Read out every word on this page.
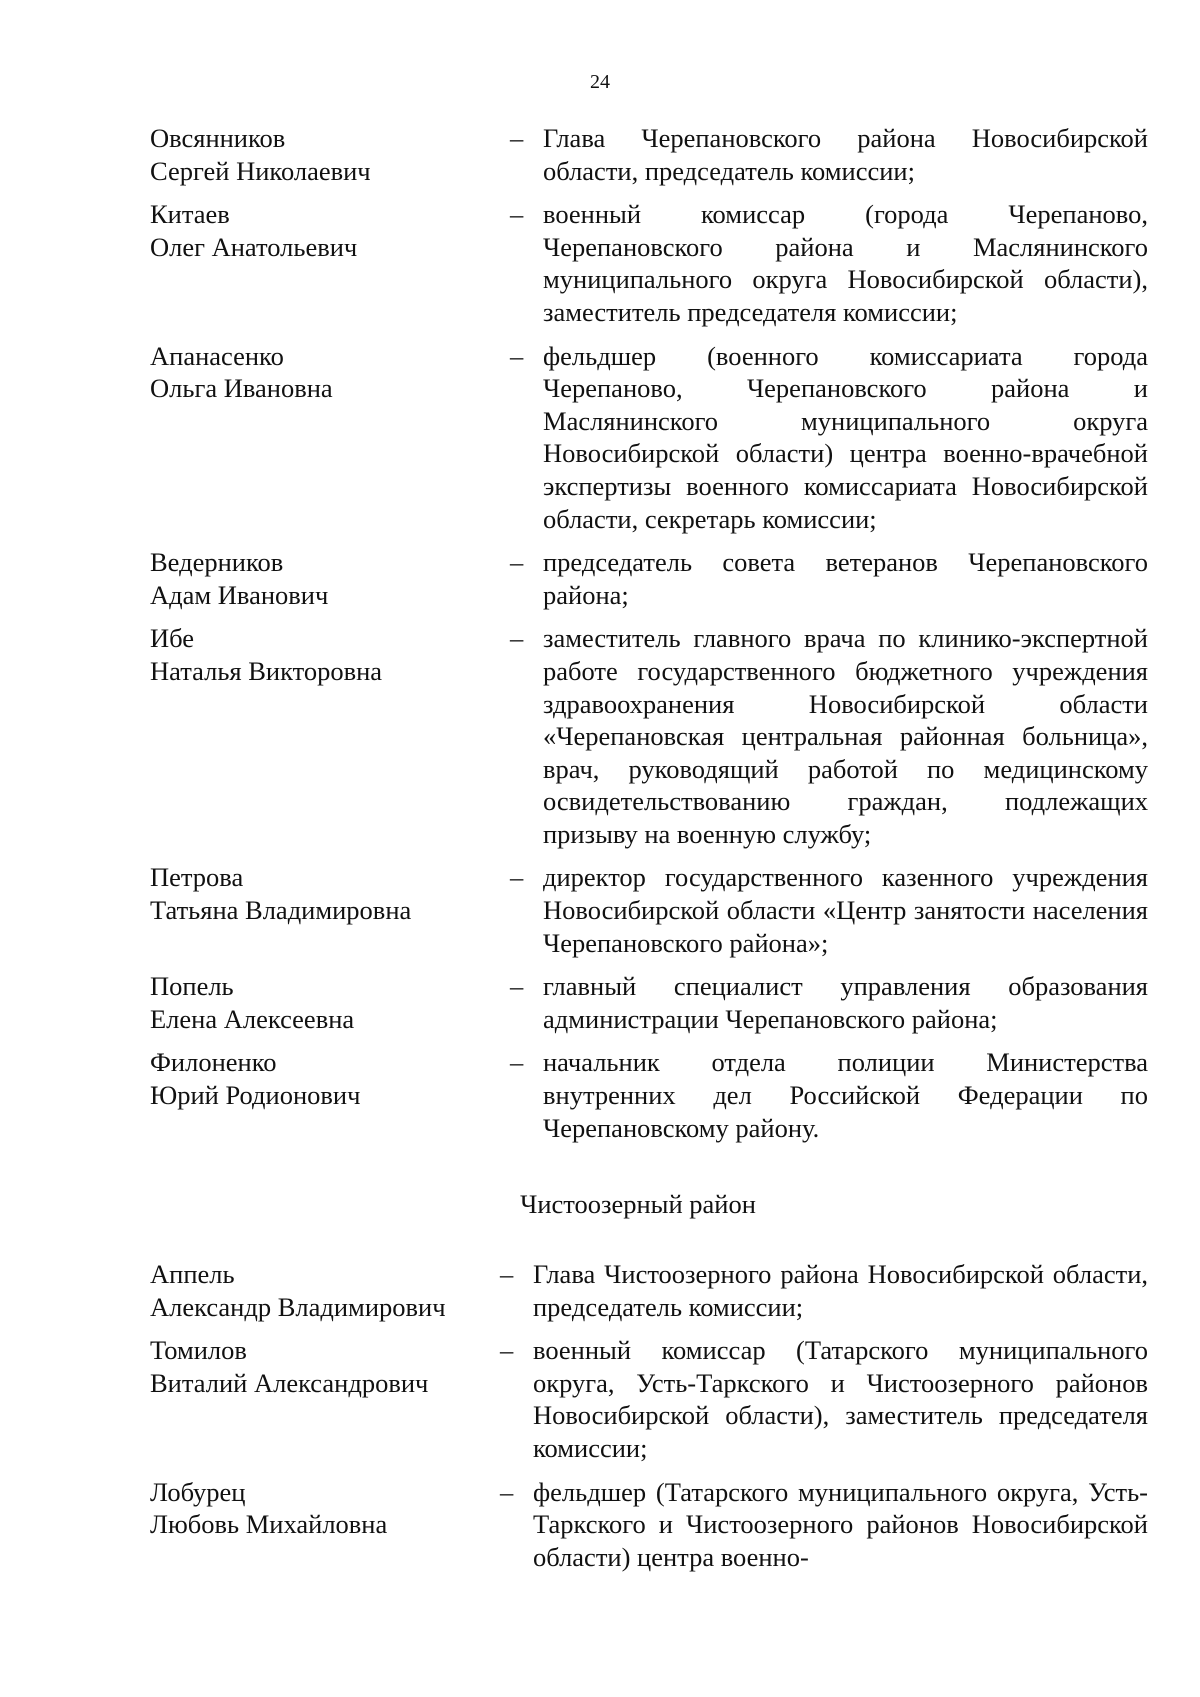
24
Овсянников
Сергей Николаевич
– Глава Черепановского района Новосибирской области, председатель комиссии;
Китаев
Олег Анатольевич
– военный комиссар (города Черепаново, Черепановского района и Маслянинского муниципального округа Новосибирской области), заместитель председателя комиссии;
Апанасенко
Ольга Ивановна
– фельдшер (военного комиссариата города Черепаново, Черепановского района и Маслянинского муниципального округа Новосибирской области) центра военно-врачебной экспертизы военного комиссариата Новосибирской области, секретарь комиссии;
Ведерников
Адам Иванович
– председатель совета ветеранов Черепановского района;
Ибе
Наталья Викторовна
– заместитель главного врача по клинико-экспертной работе государственного бюджетного учреждения здравоохранения Новосибирской области «Черепановская центральная районная больница», врач, руководящий работой по медицинскому освидетельствованию граждан, подлежащих призыву на военную службу;
Петрова
Татьяна Владимировна
– директор государственного казенного учреждения Новосибирской области «Центр занятости населения Черепановского района»;
Попель
Елена Алексеевна
– главный специалист управления образования администрации Черепановского района;
Филоненко
Юрий Родионович
– начальник отдела полиции Министерства внутренних дел Российской Федерации по Черепановскому району.
Чистоозерный район
Аппель
Александр Владимирович
– Глава Чистоозерного района Новосибирской области, председатель комиссии;
Томилов
Виталий Александрович
– военный комиссар (Татарского муниципального округа, Усть-Таркского и Чистоозерного районов Новосибирской области), заместитель председателя комиссии;
Лобурец
Любовь Михайловна
– фельдшер (Татарского муниципального округа, Усть-Таркского и Чистоозерного районов Новосибирской области) центра военно-
